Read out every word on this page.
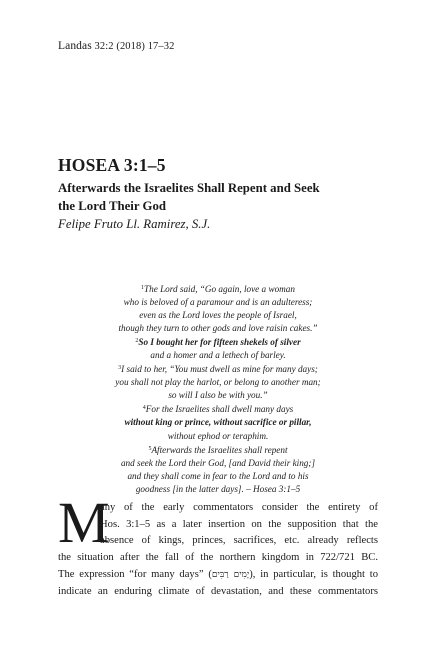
Landas 32:2 (2018) 17–32
HOSEA 3:1–5

Afterwards the Israelites Shall Repent and Seek
the Lord Their God

Felipe Fruto Ll. Ramirez, S.J.

$^1$The Lord said, “Go again, love a woman
who is beloved of a paramour and is an adulteress;
even as the Lord loves the people of Israel,
though they turn to other gods and love raisin cakes.”
$^2$So I bought her for fifteen shekels of silver
and a homer and a lethech of barley.
$^3$I said to her, “You must dwell as mine for many days;
you shall not play the harlot, or belong to another man;
so will I also be with you.”
$^4$For the Israelites shall dwell many days
without king or prince, without sacrifice or pillar,
without ephod or teraphim.
$^5$Afterwards the Israelites shall repent
and seek the Lord their God, [and David their king;]
and they shall come in fear to the Lord and to his
goodness [in the latter days]. – Hosea 3:1–5
M
any of the early commentators consider the entirety of
Hos. 3:1–5 as a later insertion on the supposition that the
absence of kings, princes, sacrifices, etc. already reflects
the situation after the fall of the northern kingdom in 722/721 BC.
The expression “for many days” (יָמִים רַבִּים), in particular, is thought to
indicate an enduring climate of devastation, and these commentators
